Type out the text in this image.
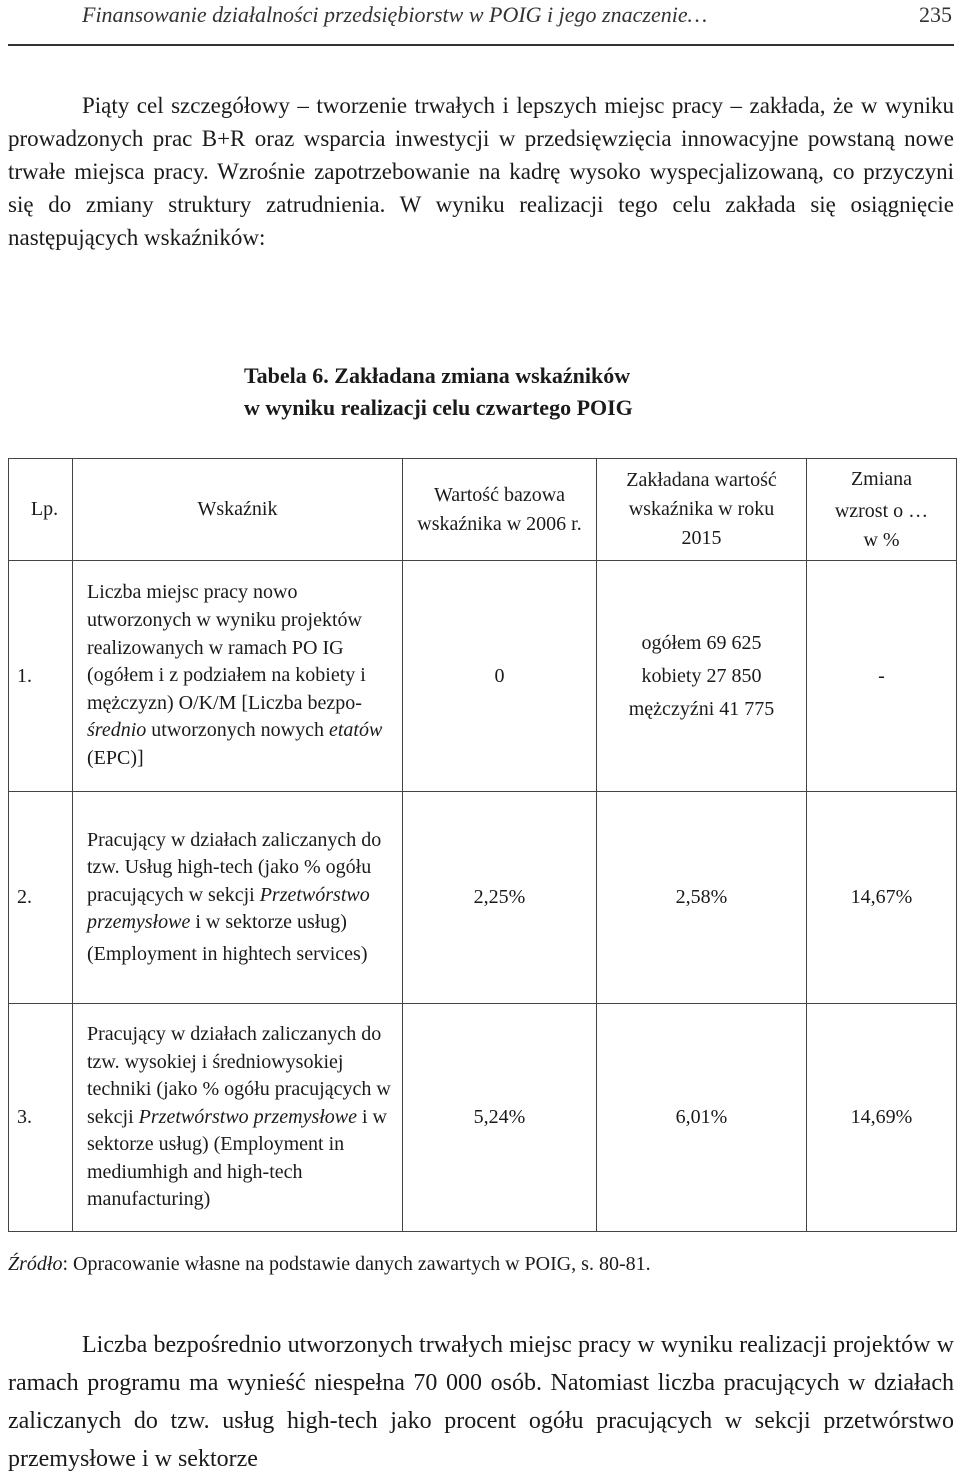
Finansowanie działalności przedsiębiorstw w POIG i jego znaczenie…	235

Piąty cel szczegółowy – tworzenie trwałych i lepszych miejsc pracy – zakłada, że w wyniku prowadzonych prac B+R oraz wsparcia inwestycji w przedsięwzięcia innowacyjne powstaną nowe trwałe miejsca pracy. Wzrośnie zapotrzebowanie na kadrę wysoko wyspecjalizowaną, co przyczyni się do zmiany struktury zatrudnienia. W wyniku realizacji tego celu zakłada się osiągnięcie następujących wskaźników:

Tabela 6. Zakładana zmiana wskaźników
w wyniku realizacji celu czwartego POIG
Lp.	Wskaźnik	Wartość bazowa wskaźnika w 2006 r.	Zakładana wartość wskaźnika w roku 2015	Zmiana
wzrost o …
w %

1.	Liczba miejsc pracy nowo utworzonych w wyniku projektów realizowanych w ramach PO IG (ogółem i z podziałem na kobiety i mężczyzn) O/K/M [Liczba bezpo-średnio utworzonych nowych etatów (EPC)]	0	ogółem 69 625
kobiety 27 850
mężczyźni 41 775	-
2.	Pracujący w działach zaliczanych do tzw. Usług high-tech (jako % ogółu pracujących w sekcji Przetwórstwo przemysłowe i w sektorze usług)
(Employment in hightech services)	2,25%	2,58%	14,67%
3.	Pracujący w działach zaliczanych do tzw. wysokiej i średniowysokiej techniki (jako % ogółu pracujących w sekcji Przetwórstwo przemysłowe i w sektorze usług) (Employment in mediumhigh and high-tech manufacturing)	5,24%	6,01%	14,69%
Źródło: Opracowanie własne na podstawie danych zawartych w POIG, s. 80-81.

Liczba bezpośrednio utworzonych trwałych miejsc pracy w wyniku realizacji projektów w ramach programu ma wynieść niespełna 70 000 osób. Natomiast liczba pracujących w działach zaliczanych do tzw. usług high-tech jako procent ogółu pracujących w sekcji przetwórstwo przemysłowe i w sektorze
